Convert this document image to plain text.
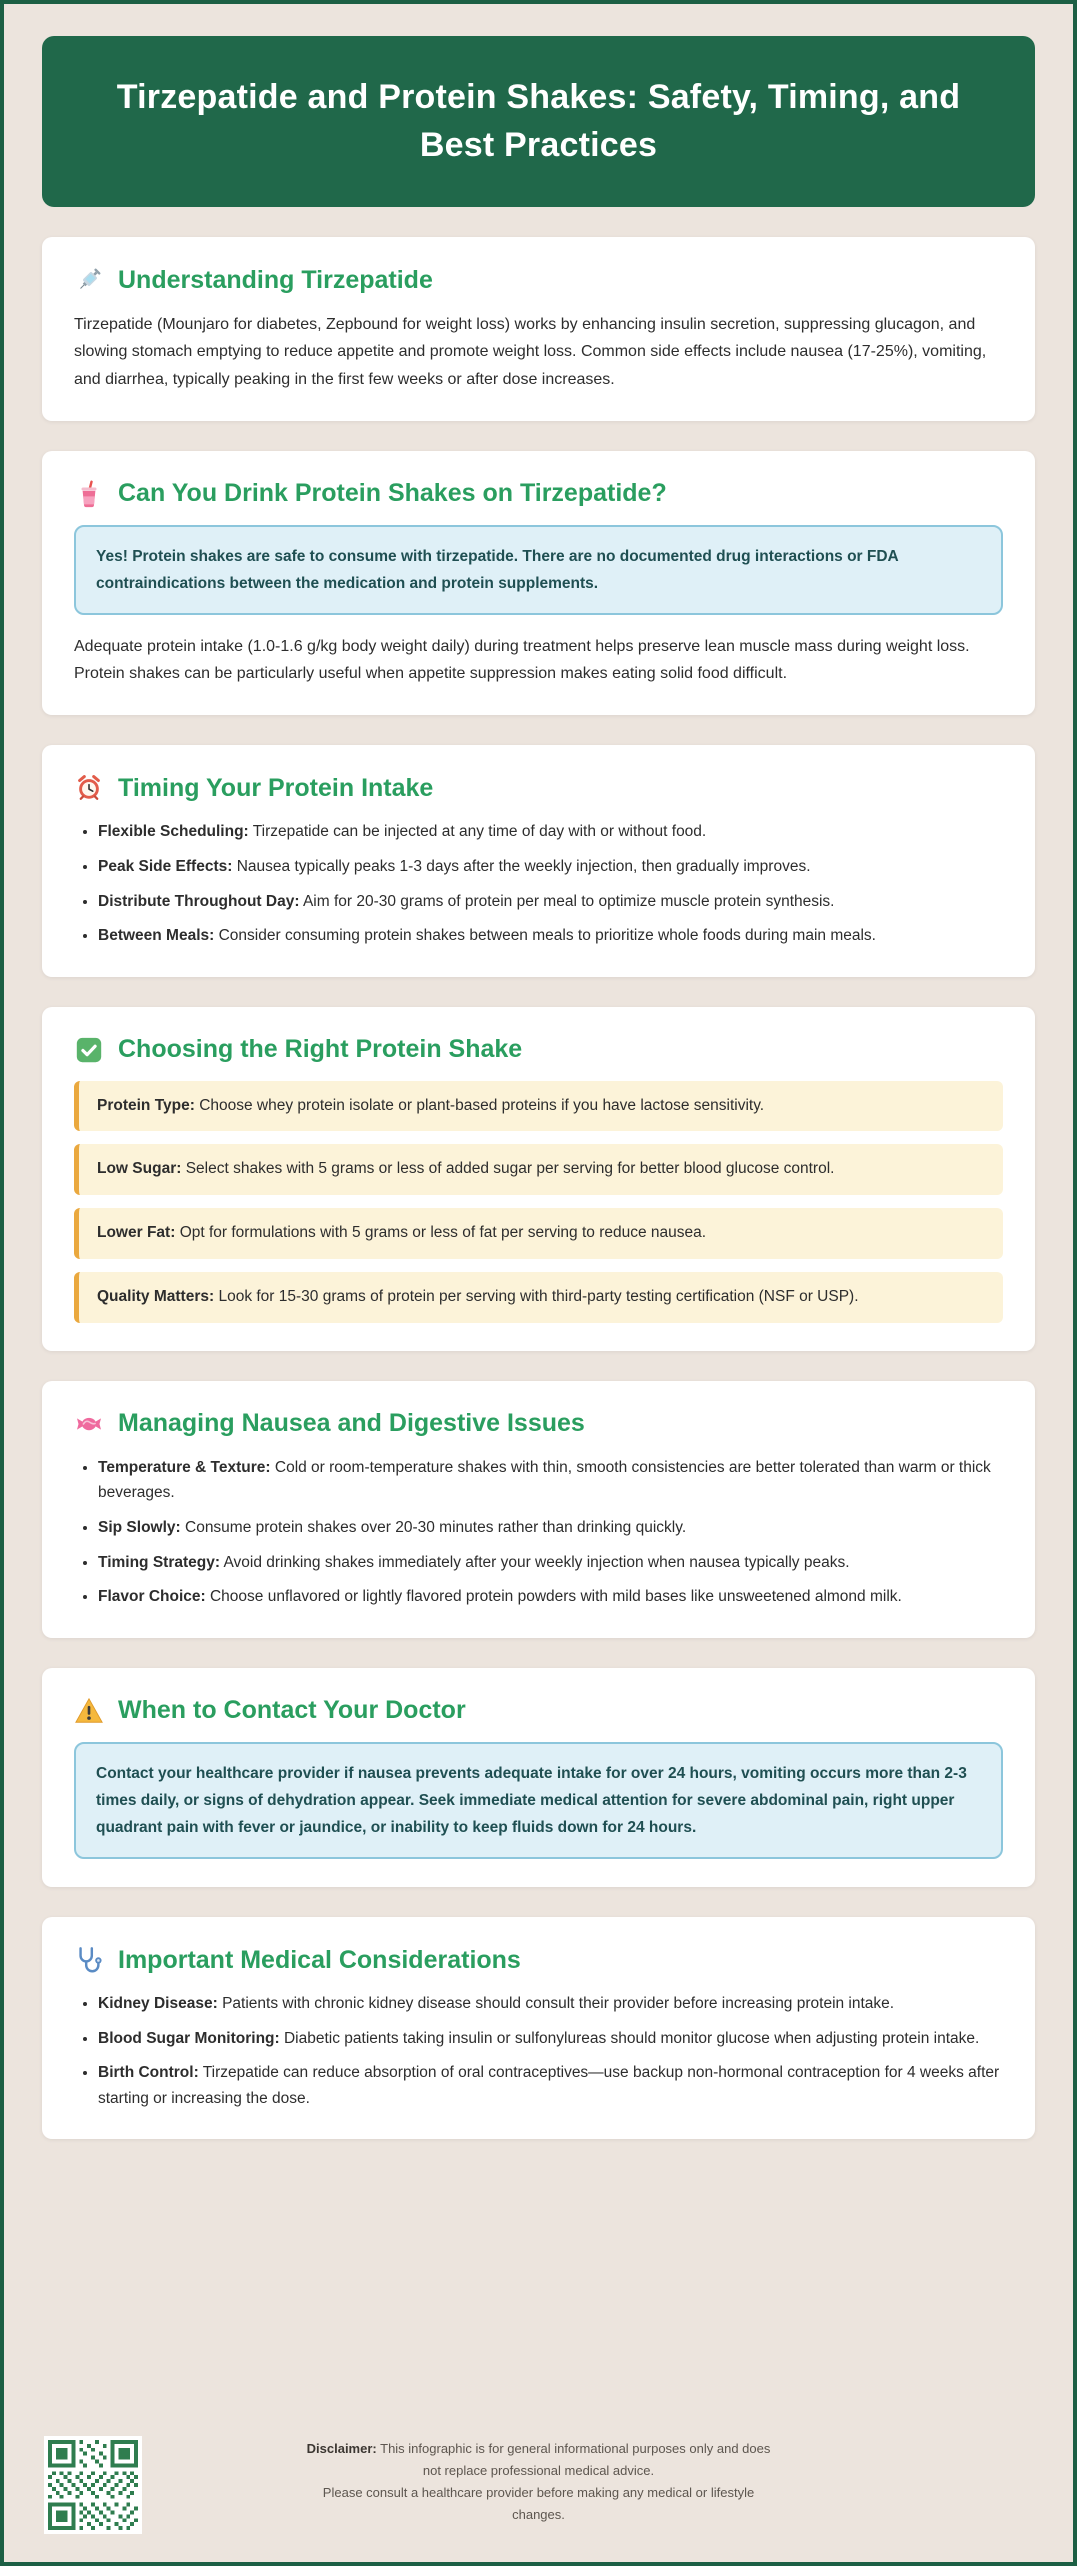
Tirzepatide and Protein Shakes: Safety, Timing, and Best Practices
Understanding Tirzepatide

Tirzepatide (Mounjaro for diabetes, Zepbound for weight loss) works by enhancing insulin secretion, suppressing glucagon, and slowing stomach emptying to reduce appetite and promote weight loss. Common side effects include nausea (17-25%), vomiting, and diarrhea, typically peaking in the first few weeks or after dose increases.

Can You Drink Protein Shakes on Tirzepatide?
Yes! Protein shakes are safe to consume with tirzepatide. There are no documented drug interactions or FDA contraindications between the medication and protein supplements.

Adequate protein intake (1.0-1.6 g/kg body weight daily) during treatment helps preserve lean muscle mass during weight loss. Protein shakes can be particularly useful when appetite suppression makes eating solid food difficult.

Timing Your Protein Intake
• Flexible Scheduling: Tirzepatide can be injected at any time of day with or without food.
• Peak Side Effects: Nausea typically peaks 1-3 days after the weekly injection, then gradually improves.
• Distribute Throughout Day: Aim for 20-30 grams of protein per meal to optimize muscle protein synthesis.
• Between Meals: Consider consuming protein shakes between meals to prioritize whole foods during main meals.
Choosing the Right Protein Shake
Protein Type: Choose whey protein isolate or plant-based proteins if you have lactose sensitivity.
Low Sugar: Select shakes with 5 grams or less of added sugar per serving for better blood glucose control.
Lower Fat: Opt for formulations with 5 grams or less of fat per serving to reduce nausea.
Quality Matters: Look for 15-30 grams of protein per serving with third-party testing certification (NSF or USP).
Managing Nausea and Digestive Issues
• Temperature & Texture: Cold or room-temperature shakes with thin, smooth consistencies are better tolerated than warm or thick beverages.
• Sip Slowly: Consume protein shakes over 20-30 minutes rather than drinking quickly.
• Timing Strategy: Avoid drinking shakes immediately after your weekly injection when nausea typically peaks.
• Flavor Choice: Choose unflavored or lightly flavored protein powders with mild bases like unsweetened almond milk.
When to Contact Your Doctor
Contact your healthcare provider if nausea prevents adequate intake for over 24 hours, vomiting occurs more than 2-3 times daily, or signs of dehydration appear. Seek immediate medical attention for severe abdominal pain, right upper quadrant pain with fever or jaundice, or inability to keep fluids down for 24 hours.
Important Medical Considerations
• Kidney Disease: Patients with chronic kidney disease should consult their provider before increasing protein intake.
• Blood Sugar Monitoring: Diabetic patients taking insulin or sulfonylureas should monitor glucose when adjusting protein intake.
• Birth Control: Tirzepatide can reduce absorption of oral contraceptives—use backup non-hormonal contraception for 4 weeks after starting or increasing the dose.

Disclaimer: This infographic is for general informational purposes only and does not replace professional medical advice.

Please consult a healthcare provider before making any medical or lifestyle changes.
